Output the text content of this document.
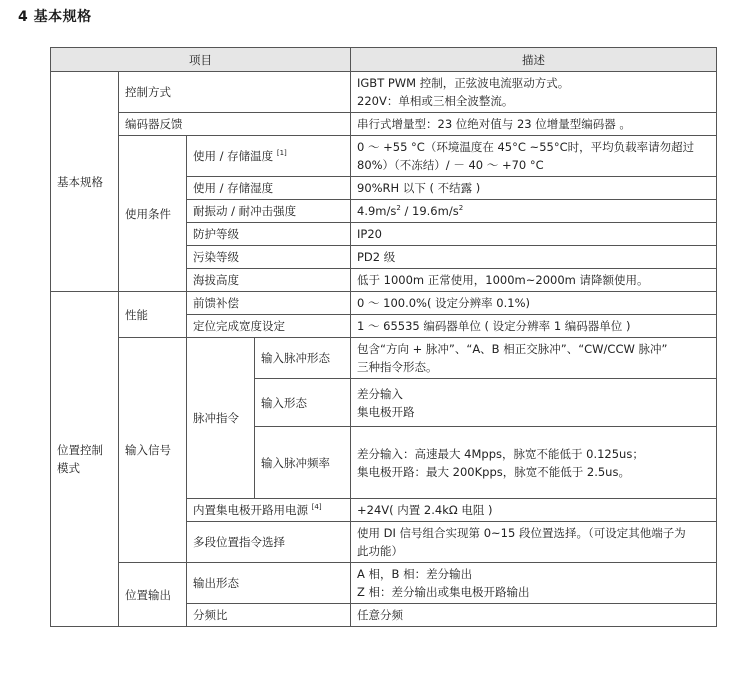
4 基本规格
项目				描述
基本规格	控制方式			IGBT PWM 控制，正弦波电流驱动方式。
220V：单相或三相全波整流。

	编码器反馈			串行式增量型：23 位绝对值与 23 位增量型编码器 。
	使用条件	使用 / 存储温度 [1]		0 ～ +55 °C（环境温度在 45°C ~55°C时，平均负载率请勿超过 80%）（不冻结）/ － 40 ～ +70 °C
		使用 / 存储湿度		90%RH 以下 ( 不结露 )
		耐振动 / 耐冲击强度		$4.9m/s^2 / 19.6m/s^2$
		防护等级		IP20
		污染等级		PD2 级
		海拔高度		低于 1000m 正常使用，1000m~2000m 请降额使用。

位置控制
模式	性能	前馈补偿		0 ～ 100.0%( 设定分辨率 0.1%)
		定位完成宽度设定		1 ～ 65535 编码器单位 ( 设定分辨率 1 编码器单位 )
	输入信号	脉冲指令	输入脉冲形态	包含“方向 + 脉冲”、“A、B 相正交脉冲”、“CW/CCW 脉冲”
三种指令形态。

			输入形态	差分输入
集电极开路

			输入脉冲频率	差分输入：高速最大 4Mpps，脉宽不能低于 0.125us；
集电极开路：最大 200Kpps，脉宽不能低于 2.5us。

		内置集电极开路用电源 [4]		+24V( 内置 2.4kΩ 电阻 )
		多段位置指令选择		使用 DI 信号组合实现第 0~15 段位置选择。（可设定其他端子为
此功能）

	位置输出	输出形态		A 相，B 相：差分输出
Z 相：差分输出或集电极开路输出

		分频比		任意分频
